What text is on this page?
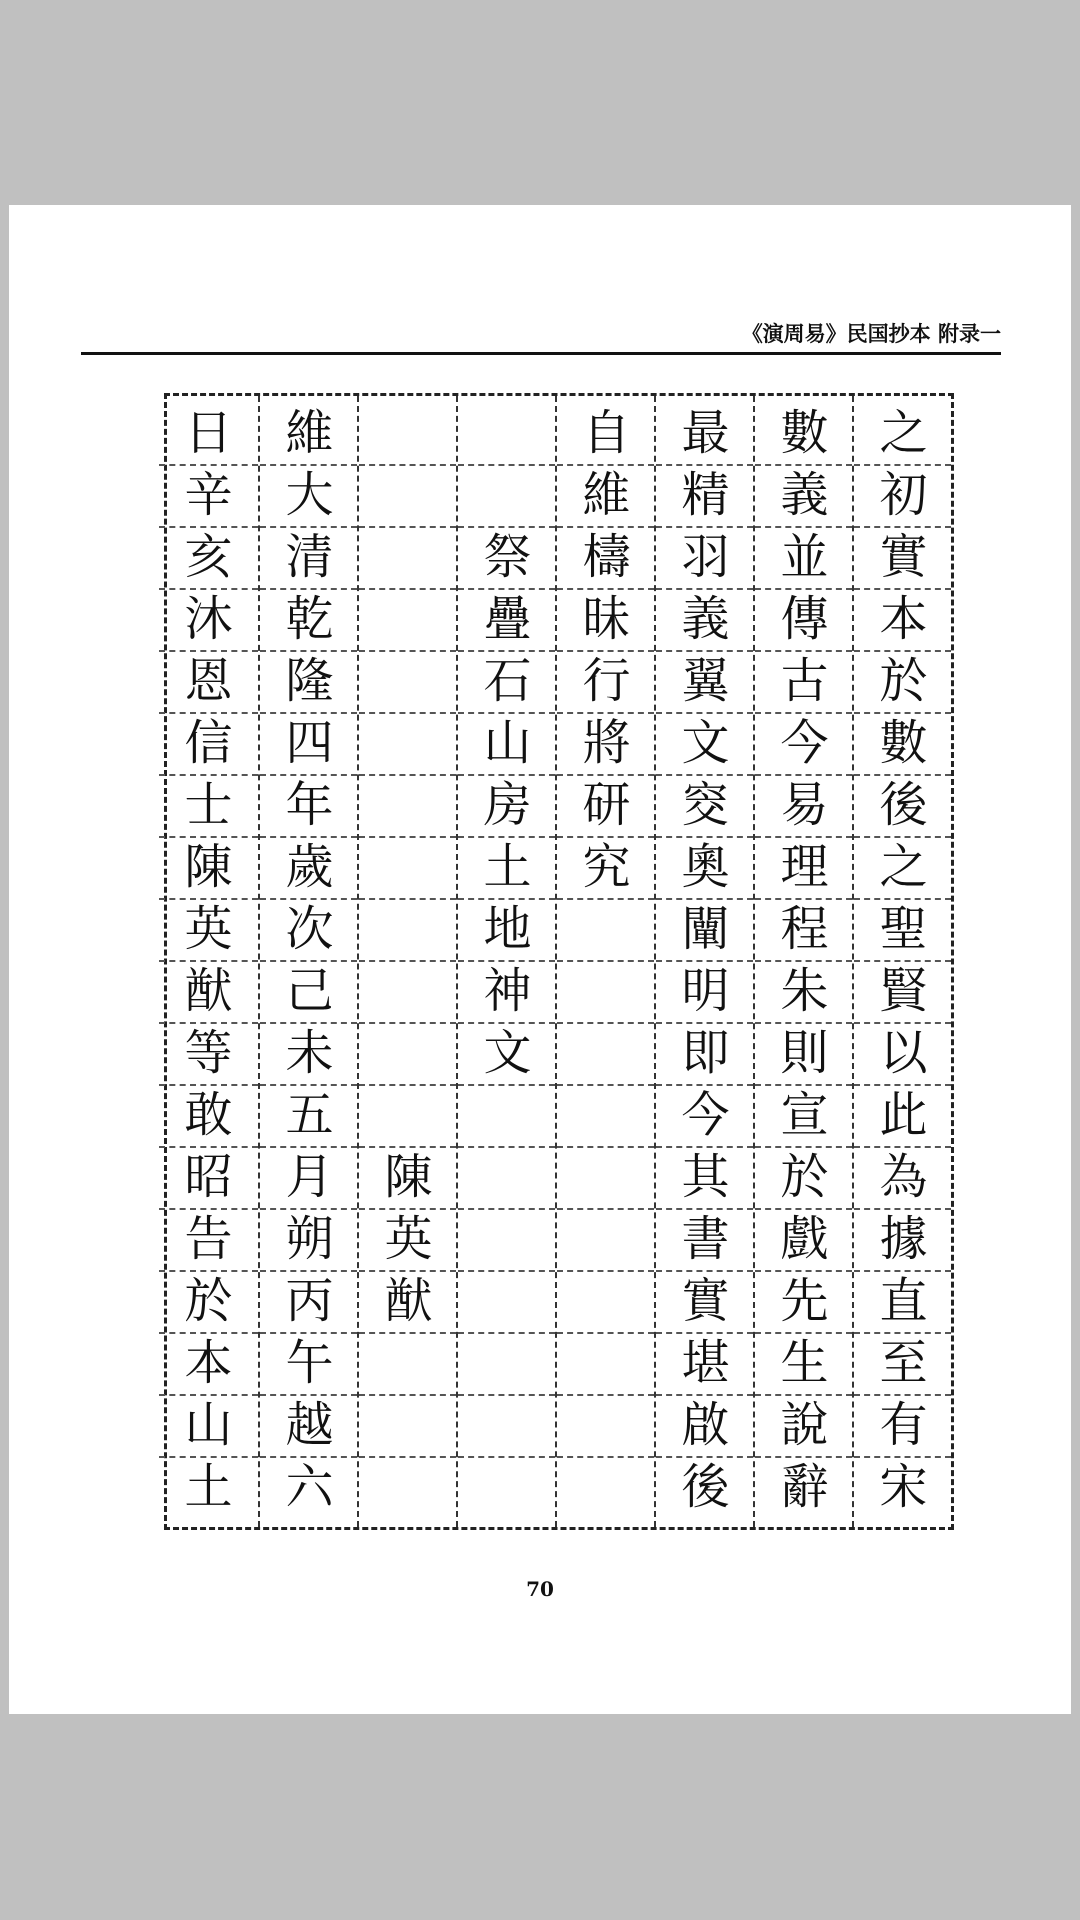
《演周易》民国抄本 附录一
之
初
實
本
於
數
後
之
聖
賢
以
此
為
據
直
至
有
宋
數
義
並
傳
古
今
易
理
程
朱
則
宣
於
戲
先
生
說
辭
最
精
羽
義
翼
文
窔
奧
闡
明
即
今
其
書
實
堪
啟
後
自
維
檮
昧
行
將
研
究

祭
疊
石
山
房
土
地
神
文

陳
英
猷
維
大
清
乾
隆
四
年
歲
次
己
未
五
月
朔
丙
午
越
六
日
辛
亥
沐
恩
信
士
陳
英
猷
等
敢
昭
告
於
本
山
土
70
